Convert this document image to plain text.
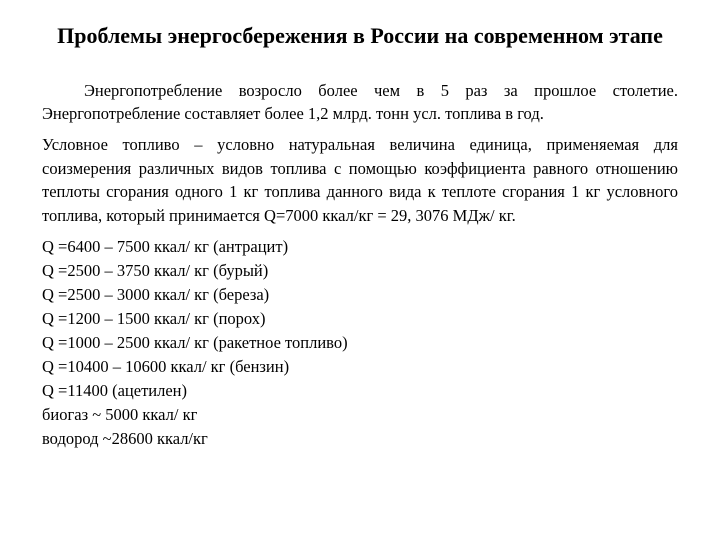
Проблемы энергосбережения в России на современном этапе

Энергопотребление возросло более чем в 5 раз за прошлое столетие. Энергопотребление составляет более 1,2 млрд. тонн усл. топлива в год.

Условное топливо – условно натуральная величина единица, применяемая для соизмерения различных видов топлива с помощью коэффициента равного отношению теплоты сгорания одного 1 кг топлива данного вида к теплоте сгорания 1 кг условного топлива, который принимается Q=7000 ккал/кг = 29, 3076 МДж/ кг.

Q =6400 – 7500 ккал/ кг (антрацит)
Q =2500 – 3750 ккал/ кг (бурый)
Q =2500 – 3000 ккал/ кг (береза)
Q =1200 – 1500 ккал/ кг (порох)
Q =1000 – 2500 ккал/ кг (ракетное топливо)
Q =10400 – 10600 ккал/ кг (бензин)
Q =11400 (ацетилен)
биогаз ~ 5000 ккал/ кг
водород ~28600 ккал/кг
